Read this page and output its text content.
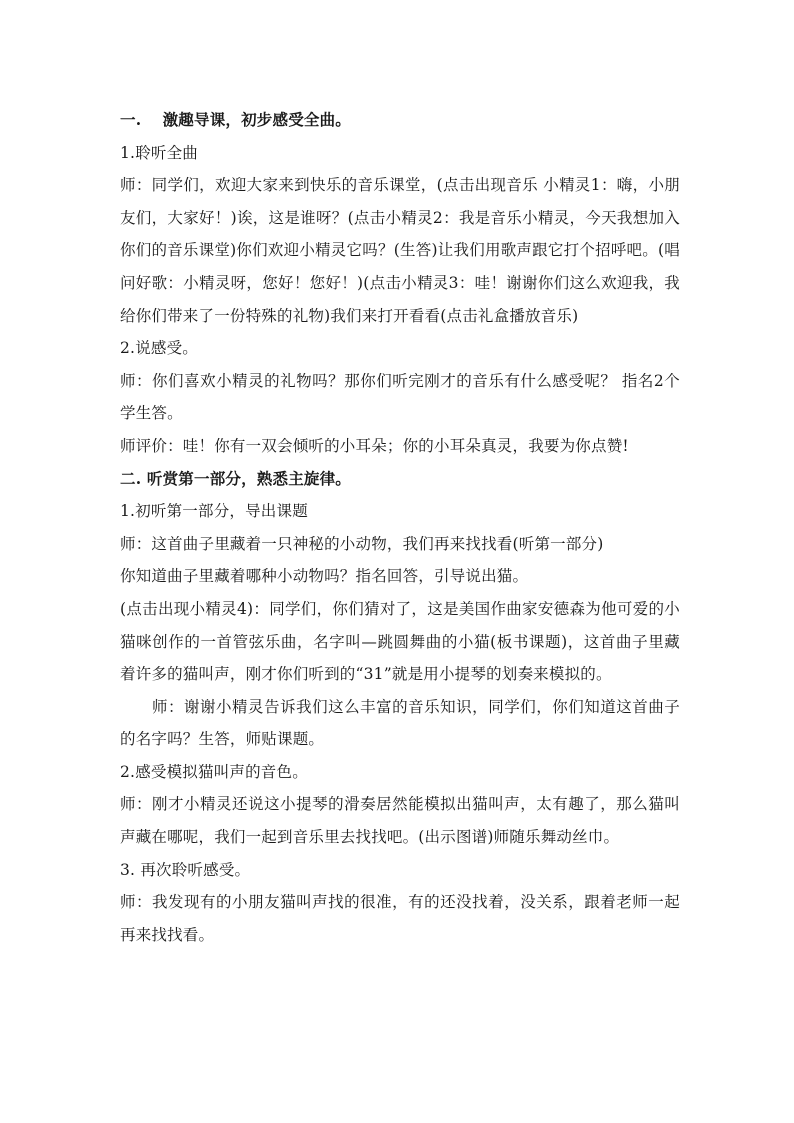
一.　 激趣导课，初步感受全曲。

1.聆听全曲

师：同学们，欢迎大家来到快乐的音乐课堂，(点击出现音乐 小精灵1：嗨，小朋友们，大家好！)诶，这是谁呀？(点击小精灵2：我是音乐小精灵，今天我想加入你们的音乐课堂)你们欢迎小精灵它吗？(生答)让我们用歌声跟它打个招呼吧。(唱问好歌：小精灵呀，您好！您好！)(点击小精灵3：哇！谢谢你们这么欢迎我，我给你们带来了一份特殊的礼物)我们来打开看看(点击礼盒播放音乐)

2.说感受。

师：你们喜欢小精灵的礼物吗？那你们听完刚才的音乐有什么感受呢？ 指名2个学生答。

师评价：哇！你有一双会倾听的小耳朵；你的小耳朵真灵，我要为你点赞!

二. 听赏第一部分，熟悉主旋律。

1.初听第一部分，导出课题

师：这首曲子里藏着一只神秘的小动物，我们再来找找看(听第一部分)

你知道曲子里藏着哪种小动物吗？指名回答，引导说出猫。

(点击出现小精灵4)：同学们，你们猜对了，这是美国作曲家安德森为他可爱的小猫咪创作的一首管弦乐曲，名字叫—跳圆舞曲的小猫(板书课题)，这首曲子里藏着许多的猫叫声，刚才你们听到的“31”就是用小提琴的划奏来模拟的。

师：谢谢小精灵告诉我们这么丰富的音乐知识，同学们，你们知道这首曲子的名字吗？生答，师贴课题。

2.感受模拟猫叫声的音色。

师：刚才小精灵还说这小提琴的滑奏居然能模拟出猫叫声，太有趣了，那么猫叫声藏在哪呢，我们一起到音乐里去找找吧。(出示图谱)师随乐舞动丝巾。

3. 再次聆听感受。

师：我发现有的小朋友猫叫声找的很准，有的还没找着，没关系，跟着老师一起再来找找看。
